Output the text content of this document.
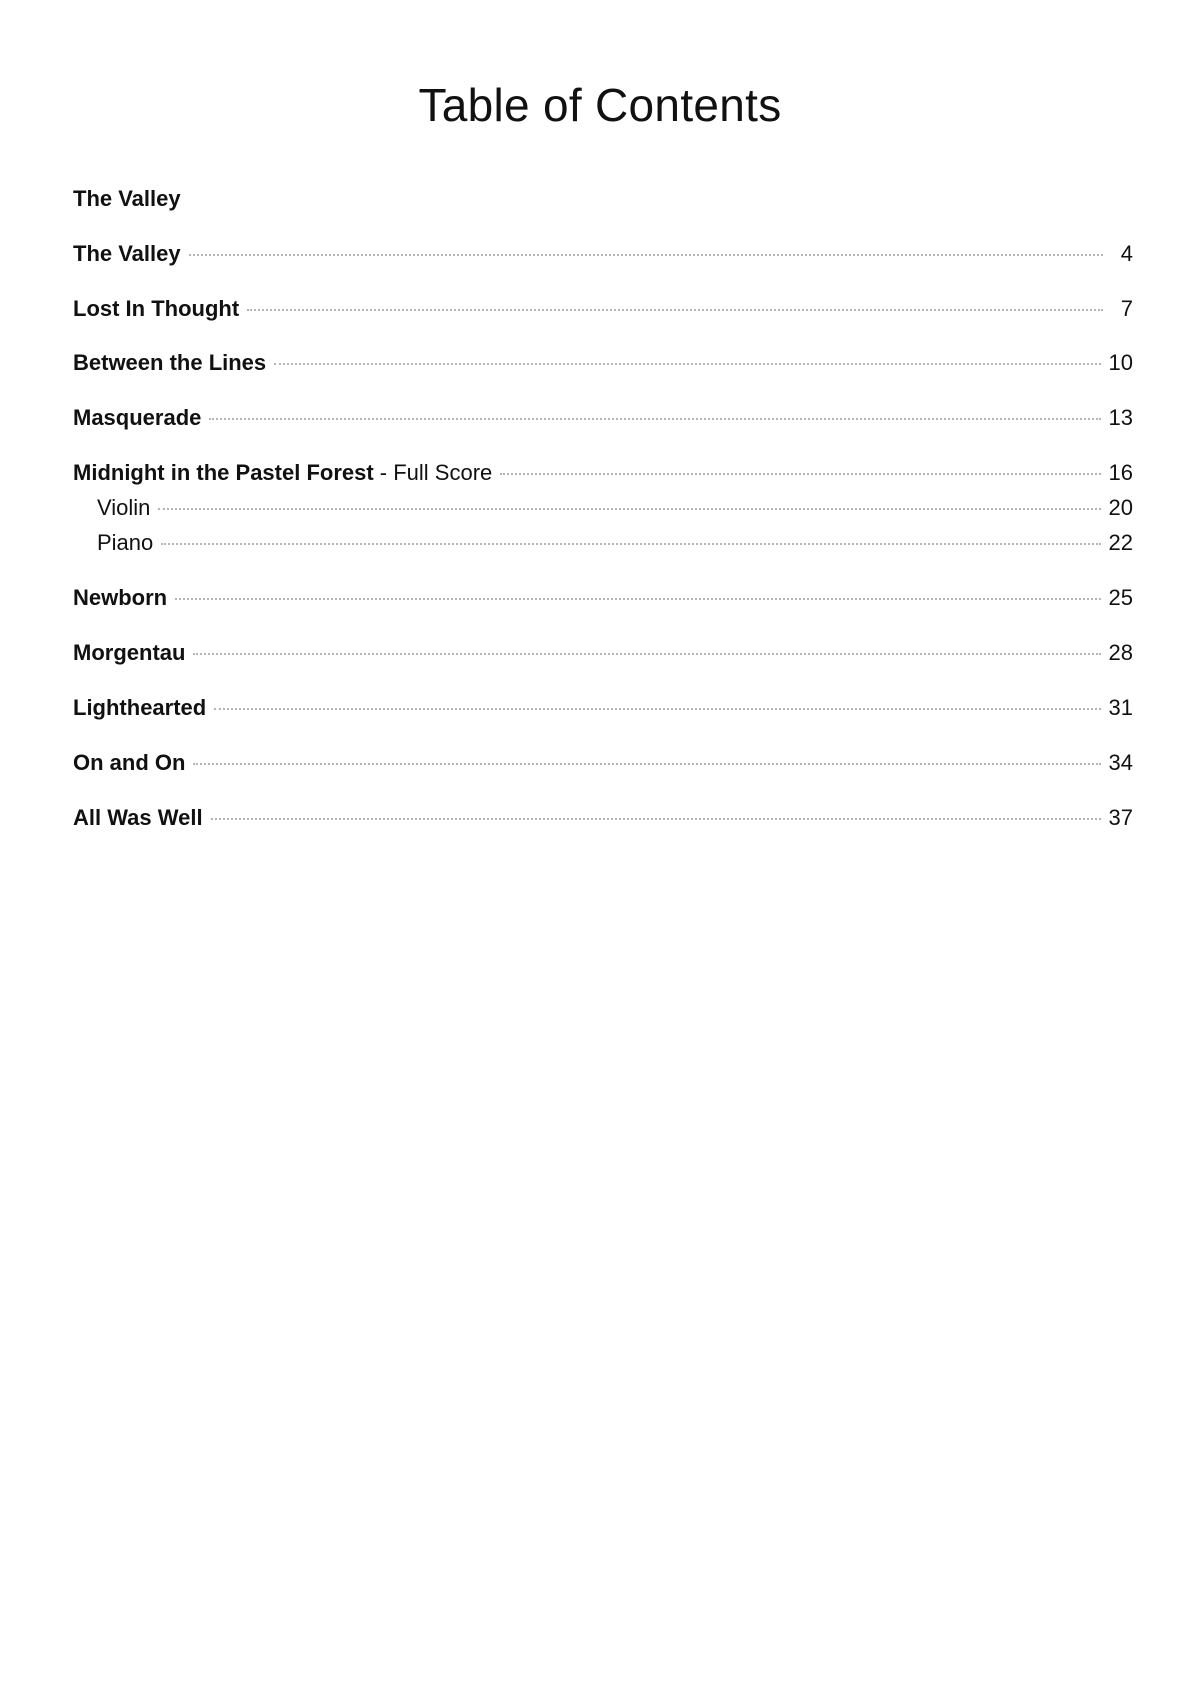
Table of Contents
The Valley
The Valley	4
Lost In Thought	7
Between the Lines	10
Masquerade	13
Midnight in the Pastel Forest - Full Score	16
Violin	20
Piano	22
Newborn	25
Morgentau	28
Lighthearted	31
On and On	34
All Was Well	37
